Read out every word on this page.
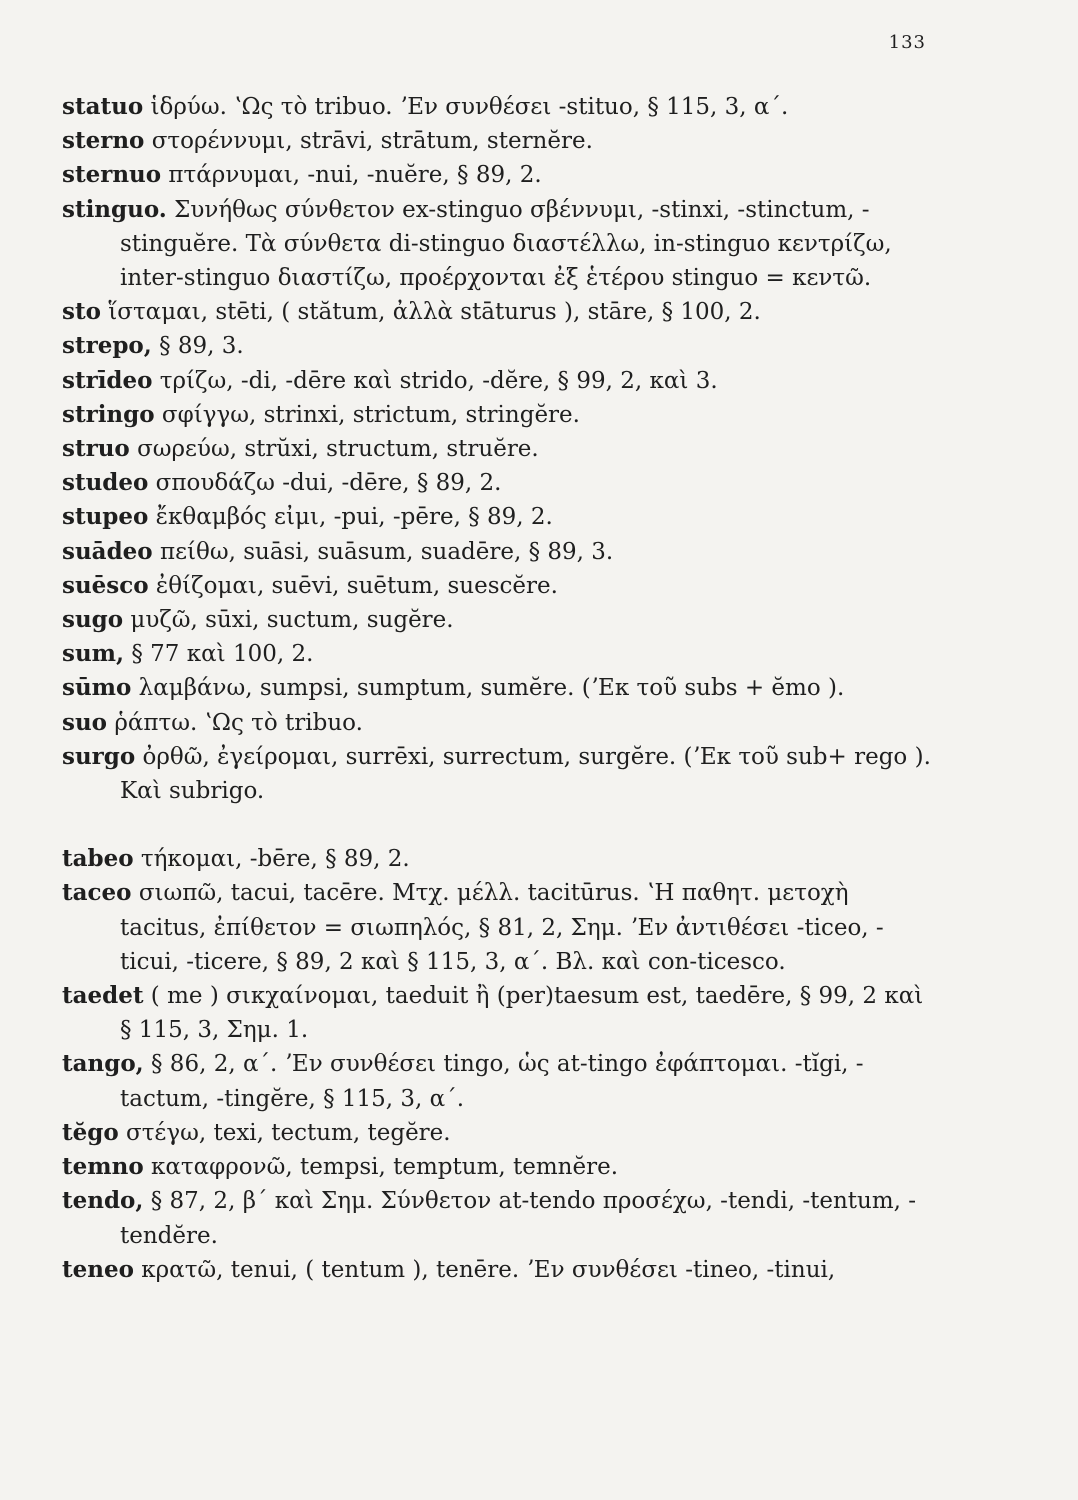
133

statuo ἱδρύω. ʽΩς τὸ tribuo. ʼΕν συνθέσει -stituo, § 115, 3, α΄.

sterno στορέννυμι, strāvi, strātum, sternĕre.

sternuo πτάρνυμαι, -nui, -nuĕre, § 89, 2.

stinguo. Συνήθως σύνθετον ex-stinguo σβέννυμι, -stinxi, -stinctum, -stinguĕre. Τὰ σύνθετα di-stinguo διαστέλλω, in-stinguo κεντρίζω, inter-stinguo διαστίζω, προέρχονται ἐξ ἑτέρου stinguo = κεντῶ.

sto ἵσταμαι, stēti, ( stătum, ἀλλὰ stāturus ), stāre, § 100, 2.

strepo, § 89, 3.

strīdeo τρίζω, -di, -dēre καὶ strido, -dĕre, § 99, 2, καὶ 3.

stringo σφίγγω, strinxi, strictum, stringĕre.

struo σωρεύω, strŭxi, structum, struĕre.

studeo σπουδάζω -dui, -dēre, § 89, 2.

stupeo ἔκθαμβός εἰμι, -pui, -pēre, § 89, 2.

suādeo πείθω, suāsi, suāsum, suadēre, § 89, 3.

suēsco ἐθίζομαι, suēvi, suētum, suescĕre.

sugo μυζῶ, sūxi, suctum, sugĕre.

sum, § 77 καὶ 100, 2.

sūmo λαμβάνω, sumpsi, sumptum, sumĕre. (ʼΕκ τοῦ subs + ĕmo ).

suo ῥάπτω. ʽΩς τὸ tribuo.

surgo ὀρθῶ, ἐγείρομαι, surrēxi, surrectum, surgĕre. (ʼΕκ τοῦ sub+ rego ). Καὶ subrigo.

tabeo τήκομαι, -bēre, § 89, 2.

taceo σιωπῶ, tacui, tacēre. Μτχ. μέλλ. tacitūrus. ʽΗ παθητ. μετοχὴ tacitus, ἐπίθετον = σιωπηλός, § 81, 2, Σημ. ʼΕν ἀντιθέσει -ticeo, -ticui, -ticere, § 89, 2 καὶ § 115, 3, α΄. Βλ. καὶ con-ticesco.

taedet ( me ) σικχαίνομαι, taeduit ἢ (per)taesum est, taedēre, § 99, 2 καὶ § 115, 3, Σημ. 1.

tango, § 86, 2, α΄. ʼΕν συνθέσει tingo, ὡς at-tingo ἐφάπτομαι. -tĭgi, -tactum, -tingĕre, § 115, 3, α΄.

tĕgo στέγω, texi, tectum, tegĕre.

temno καταφρονῶ, tempsi, temptum, temnĕre.

tendo, § 87, 2, β΄ καὶ Σημ. Σύνθετον at-tendo προσέχω, -tendi, -tentum, - tendĕre.

teneo κρατῶ, tenui, ( tentum ), tenēre. ʼΕν συνθέσει -tineo, -tinui,
